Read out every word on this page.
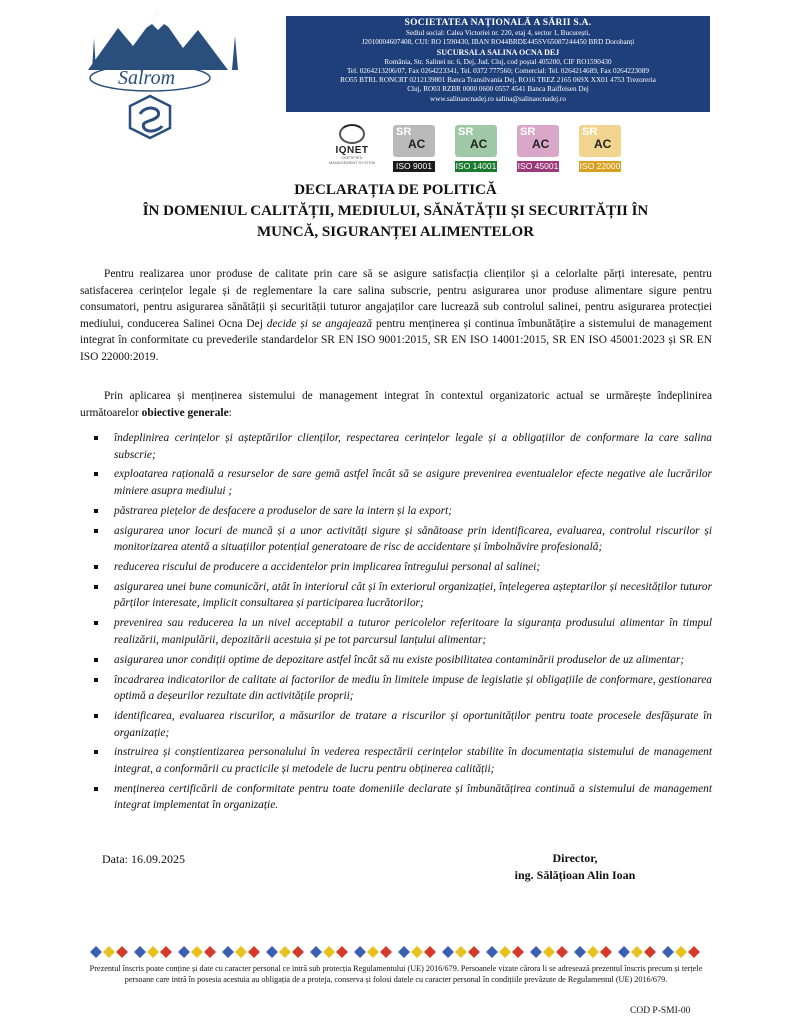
Salrom
SOCIETATEA NAȚIONALĂ A SĂRII S.A.
Sediul social: Calea Victoriei nr. 220, etaj 4, sector 1, București,
J2010004607408, CUI: RO 1590430, IBAN RO44BRDE445SV65087244450 BRD Dorobanți
SUCURSALA SALINA OCNA DEJ
România, Str. Salinei nr. 6, Dej, Jud. Cluj, cod poștal 405200, CIF RO1590430
Tel. 0264213206/07, Fax 0264223341, Tel. 0372 777560; Comercial: Tel. 0264214689, Fax 0264223089
RO55 BTRL RONCRT 0212139801 Banca Transilvania Dej, RO16 TREZ 2165 069X XX01 4753 Trezoreria
Cluj, RO03 RZBR 0000 0600 0557 4541 Banca Raiffeisen Dej
www.salinaocnadej.ro salina@salinaocnadej.ro
IQNET
CERTIFIED MANAGEMENT SYSTEM
SR
AC
ISO 9001
SR
AC
ISO 14001
SR
AC
ISO 45001
SR
AC
ISO 22000
DECLARAȚIA DE POLITICĂ
ÎN DOMENIUL CALITĂȚII, MEDIULUI, SĂNĂTĂȚII ȘI SECURITĂȚII ÎN
MUNCĂ, SIGURANȚEI ALIMENTELOR
Pentru realizarea unor produse de calitate prin care să se asigure satisfacția clienților și a celorlalte părți interesate, pentru satisfacerea cerințelor legale și de reglementare la care salina subscrie, pentru asigurarea unor produse alimentare sigure pentru consumatori, pentru asigurarea sănătății și securității tuturor angajaților care lucrează sub controlul salinei, pentru asigurarea protecției mediului, conducerea Salinei Ocna Dej decide și se angajează pentru menținerea și continua îmbunătățire a sistemului de management integrat în conformitate cu prevederile standardelor SR EN ISO 9001:2015, SR EN ISO 14001:2015, SR EN ISO 45001:2023 și SR EN ISO 22000:2019.
Prin aplicarea și menținerea sistemului de management integrat în contextul organizatoric actual se urmărește îndeplinirea următoarelor obiective generale:
îndeplinirea cerințelor și așteptărilor clienților, respectarea cerințelor legale și a obligațiilor de conformare la care salina subscrie;
exploatarea rațională a resurselor de sare gemă astfel încât să se asigure prevenirea eventualelor efecte negative ale lucrărilor miniere asupra mediului ;
păstrarea piețelor de desfacere a produselor de sare la intern și la export;
asigurarea unor locuri de muncă și a unor activități sigure și sănătoase prin identificarea, evaluarea, controlul riscurilor și monitorizarea atentă a situațiilor potențial generatoare de risc de accidentare și îmbolnăvire profesională;
reducerea riscului de producere a accidentelor prin implicarea întregului personal al salinei;
asigurarea unei bune comunicări, atât în interiorul cât și în exteriorul organizației, înțelegerea așteptarilor și necesităților tuturor părților interesate, implicit consultarea și participarea lucrătorilor;
prevenirea sau reducerea la un nivel acceptabil a tuturor pericolelor referitoare la siguranța produsului alimentar în timpul realizării, manipulării, depozitării acestuia și pe tot parcursul lanțului alimentar;
asigurarea unor condiții optime de depozitare astfel încât să nu existe posibilitatea contaminării produselor de uz alimentar;
încadrarea indicatorilor de calitate ai factorilor de mediu în limitele impuse de legislatie și obligațiile de conformare, gestionarea optimă a deșeurilor rezultate din activitățile proprii;
identificarea, evaluarea riscurilor, a măsurilor de tratare a riscurilor și oportunităților pentru toate procesele desfășurate în organizație;
instruirea și conștientizarea personalului în vederea respectării cerințelor stabilite în documentația sistemului de management integrat, a conformării cu practicile și metodele de lucru pentru obținerea calității;
menținerea certificării de conformitate pentru toate domeniile declarate și îmbunătățirea continuă a sistemului de management integrat implementat în organizație.
Data: 16.09.2025	Director,
ing. Sălățioan Alin Ioan
Prezentul înscris poate conține și date cu caracter personal ce intră sub protecția Regulamentului (UE) 2016/679. Persoanele vizate cărora li se adresează prezentul înscris precum și terțele persoane care intră în posesia acestuia au obligația de a proteja, conserva și folosi datele cu caracter personal în condițiile prevăzute de Regulamentul (UE) 2016/679.
COD P-SMI-00
